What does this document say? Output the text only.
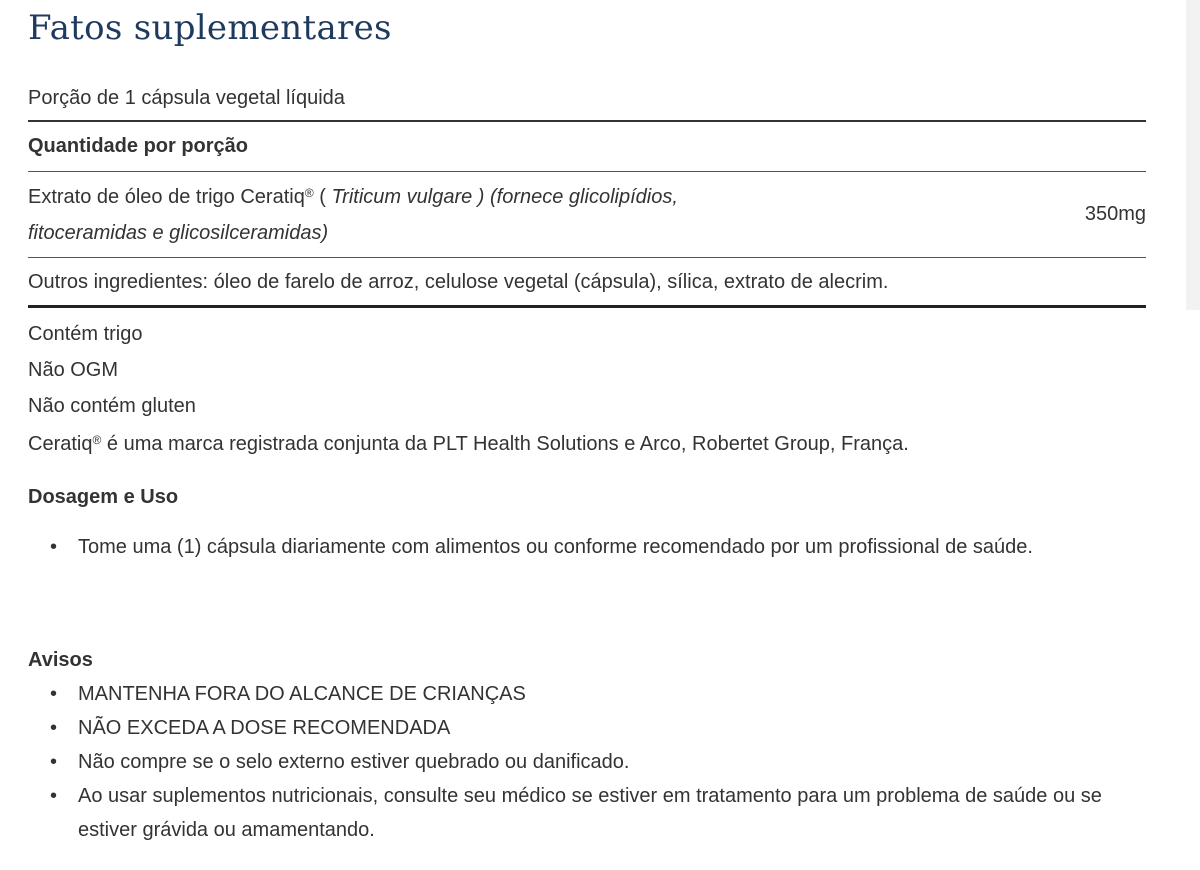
Fatos suplementares
Porção de 1 cápsula vegetal líquida
Quantidade por porção
Extrato de óleo de trigo Ceratiq® ( Triticum vulgare ) (fornece glicolipídios,
fitoceramidas e glicosilceramidas)
350mg
Outros ingredientes: óleo de farelo de arroz, celulose vegetal (cápsula), sílica, extrato de alecrim.
Contém trigo
Não OGM
Não contém gluten
Ceratiq® é uma marca registrada conjunta da PLT Health Solutions e Arco, Robertet Group, França.
Dosagem e Uso
• Tome uma (1) cápsula diariamente com alimentos ou conforme recomendado por um profissional de saúde.
Avisos
• MANTENHA FORA DO ALCANCE DE CRIANÇAS
• NÃO EXCEDA A DOSE RECOMENDADA
• Não compre se o selo externo estiver quebrado ou danificado.
• Ao usar suplementos nutricionais, consulte seu médico se estiver em tratamento para um problema de saúde ou se estiver grávida ou amamentando.
